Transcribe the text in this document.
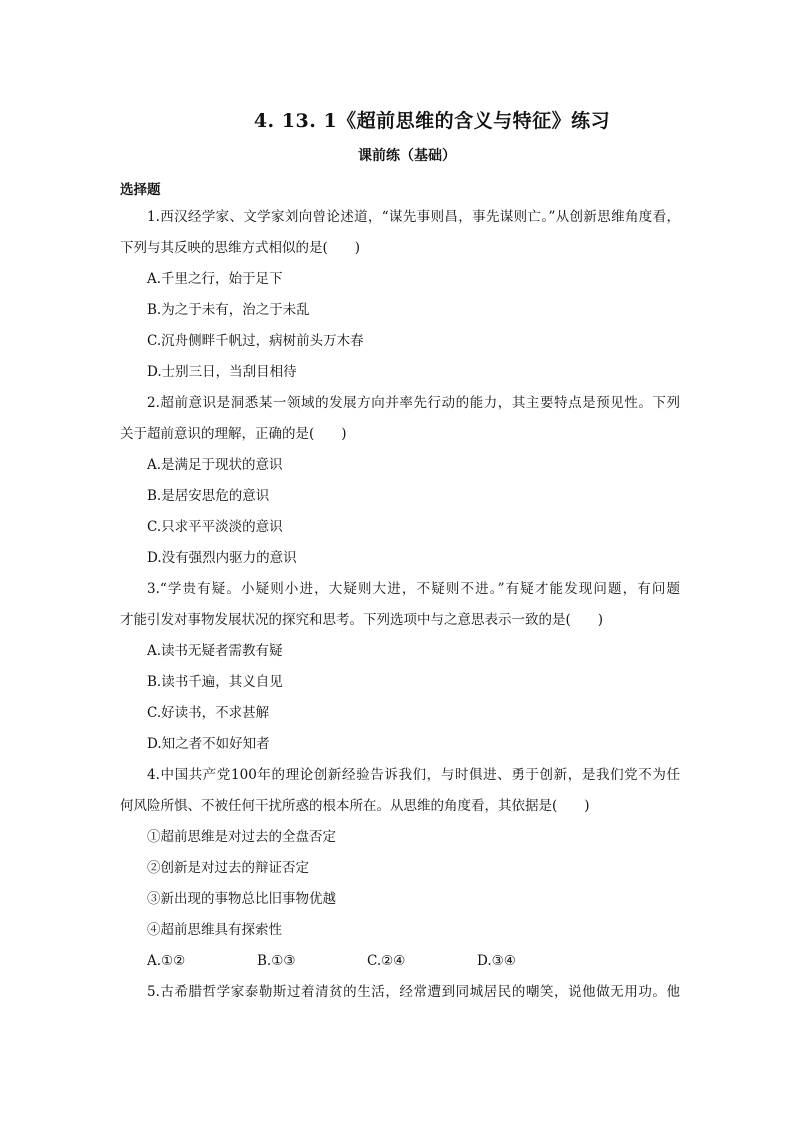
4. 13. 1《超前思维的含义与特征》练习
课前练（基础）
选择题
1.西汉经学家、文学家刘向曾论述道，“谋先事则昌，事先谋则亡。”从创新思维角度看，
下列与其反映的思维方式相似的是(　　)
A.千里之行，始于足下
B.为之于未有，治之于未乱
C.沉舟侧畔千帆过，病树前头万木春
D.士别三日，当刮目相待
2.超前意识是洞悉某一领域的发展方向并率先行动的能力，其主要特点是预见性。下列
关于超前意识的理解，正确的是(　　)
A.是满足于现状的意识
B.是居安思危的意识
C.只求平平淡淡的意识
D.没有强烈内驱力的意识
3.“学贵有疑。小疑则小进，大疑则大进，不疑则不进。”有疑才能发现问题，有问题
才能引发对事物发展状况的探究和思考。下列选项中与之意思表示一致的是(　　)
A.读书无疑者需教有疑
B.读书千遍，其义自见
C.好读书，不求甚解
D.知之者不如好知者
4.中国共产党100年的理论创新经验告诉我们，与时俱进、勇于创新，是我们党不为任
何风险所惧、不被任何干扰所惑的根本所在。从思维的角度看，其依据是(　　)
①超前思维是对过去的全盘否定
②创新是对过去的辩证否定
③新出现的事物总比旧事物优越
④超前思维具有探索性
A.①②	B.①③	C.②④	D.③④
5.古希腊哲学家泰勒斯过着清贫的生活，经常遭到同城居民的嘲笑，说他做无用功。他
